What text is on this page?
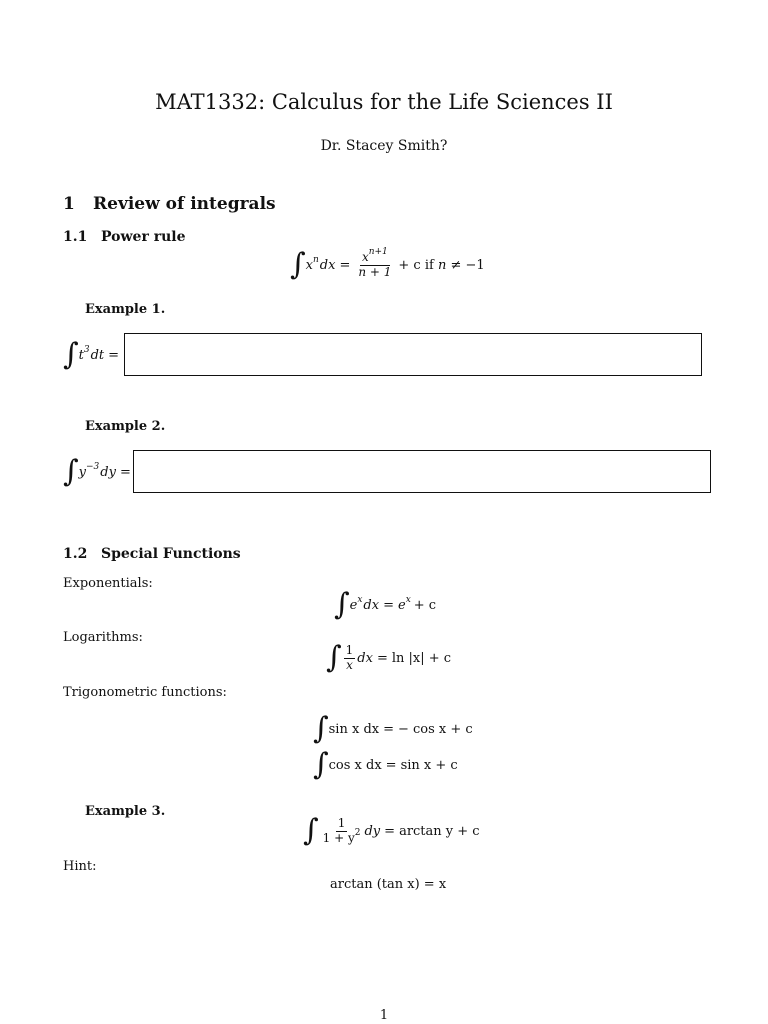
MAT1332: Calculus for the Life Sciences II
Dr. Stacey Smith?
1 Review of integrals
1.1 Power rule
∫ $x^ndx = \frac{x^{n+1}}{n + 1} + c$ if n ≠ −1
Example 1.
∫ $t^3dt$ =
Example 2.
∫ $y^{-3}dy$ =
1.2 Special Functions
Exponentials:
∫ $e^xdx = e^x + c$
Logarithms:
∫ $\frac{1}{x}$ dx = ln |x| + c
Trigonometric functions:
∫ sin x dx = − cos x + c
∫ cos x dx = sin x + c
Example 3.
∫ $\frac{1}{1 + y^2}$ dy = arctan y + c
Hint:
arctan (tan x) = x
1
